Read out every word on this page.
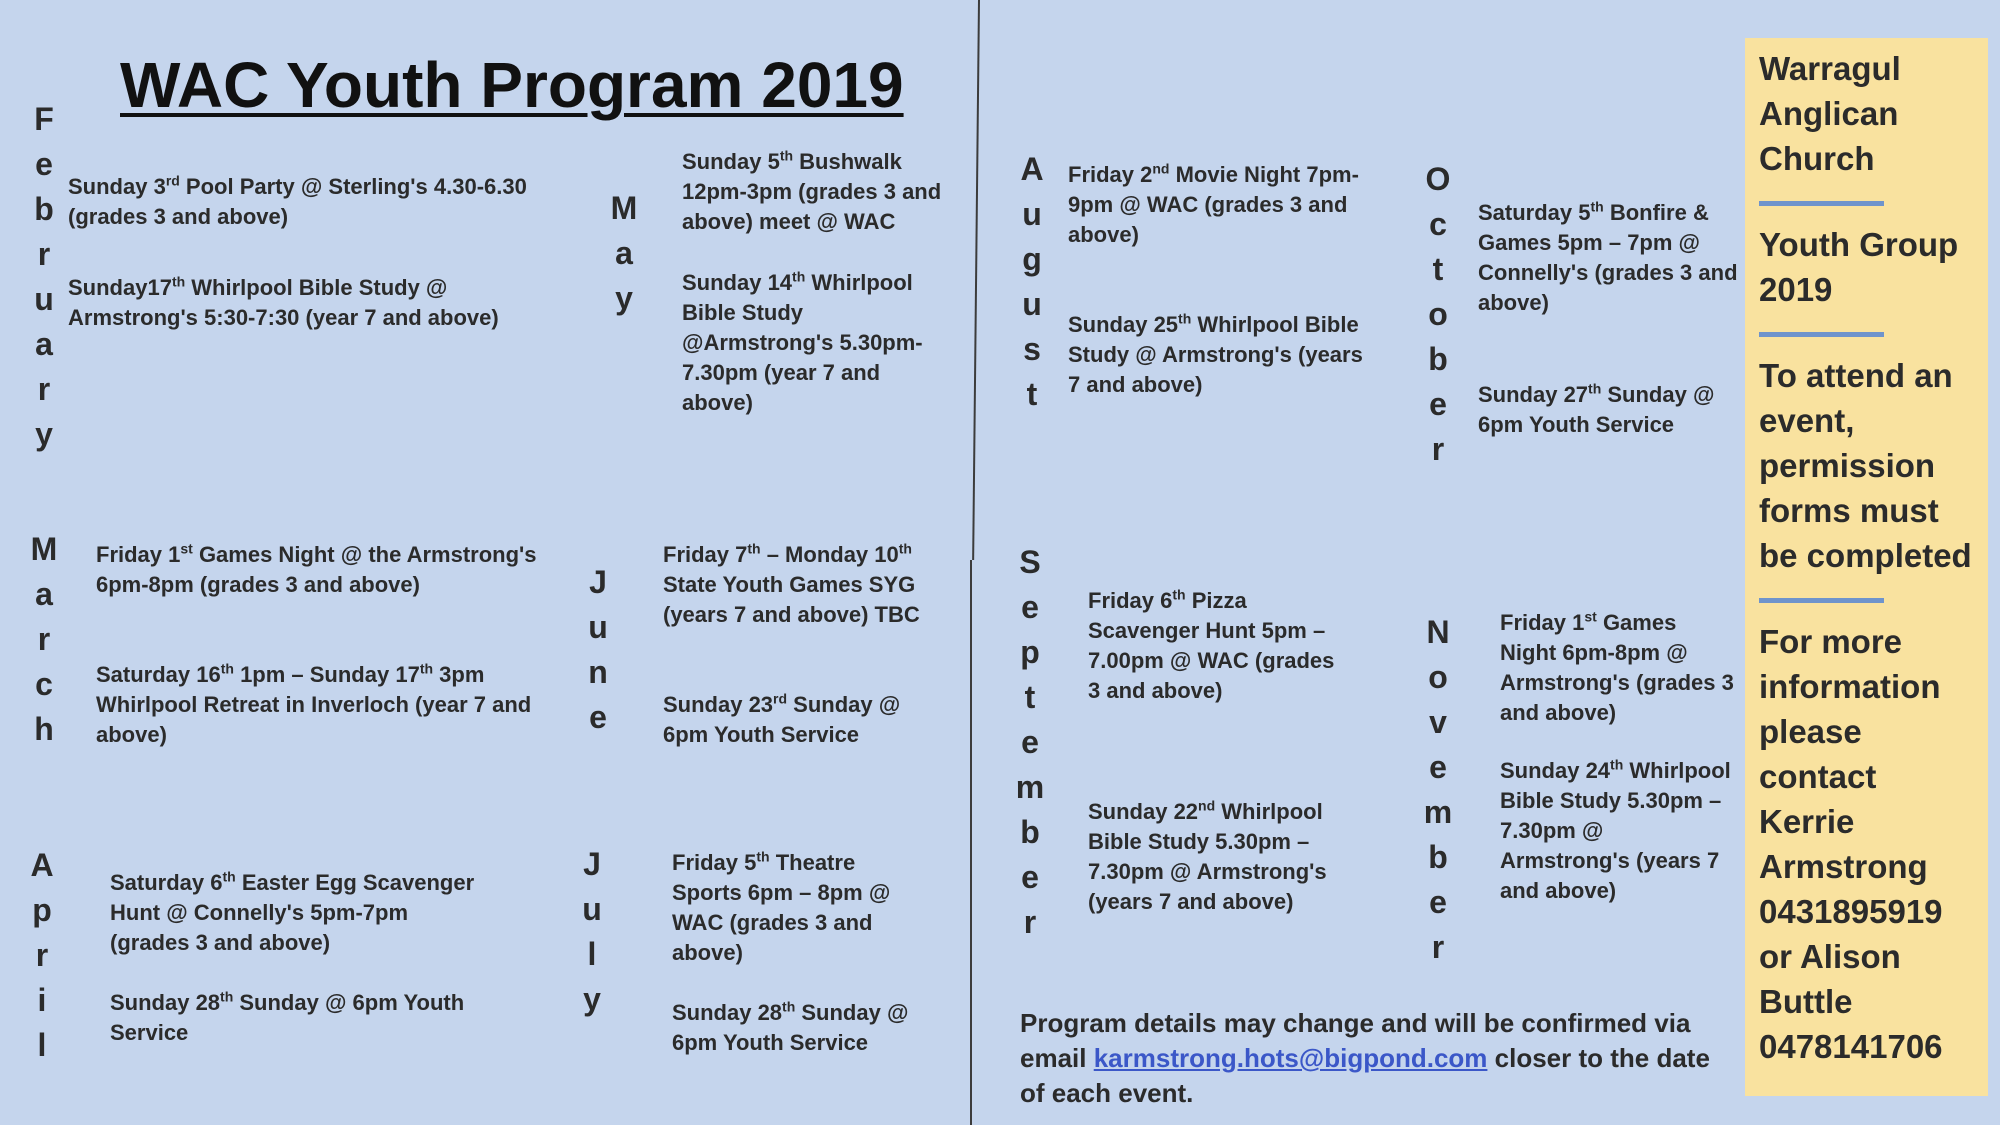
WAC Youth Program 2019
F
e
b
r
u
a
r
y
M
a
r
c
h
A
p
r
i
l
M
a
y
J
u
n
e
J
u
l
y
A
u
g
u
s
t
S
e
p
t
e
m
b
e
r
O
c
t
o
b
e
r
N
o
v
e
m
b
e
r

Sunday 3rd Pool Party @ Sterling's 4.30-6.30 (grades 3 and above)

Sunday17th Whirlpool Bible Study @ Armstrong's 5:30-7:30 (year 7 and above)

Friday 1st Games Night @ the Armstrong's 6pm-8pm (grades 3 and above)

Saturday 16th 1pm – Sunday 17th 3pm Whirlpool Retreat in Inverloch (year 7 and above)

Saturday 6th Easter Egg Scavenger Hunt @ Connelly's 5pm-7pm (grades 3 and above)

Sunday 28th Sunday @ 6pm Youth Service

Sunday 5th Bushwalk 12pm-3pm (grades 3 and above) meet @ WAC

Sunday 14th Whirlpool Bible Study @Armstrong's 5.30pm-7.30pm (year 7 and above)

Friday 7th – Monday 10th State Youth Games SYG (years 7 and above) TBC

Sunday 23rd Sunday @ 6pm Youth Service

Friday 5th Theatre Sports 6pm – 8pm @ WAC (grades 3 and above)

Sunday 28th Sunday @ 6pm Youth Service

Friday 2nd Movie Night 7pm-9pm @ WAC (grades 3 and above)

Sunday 25th Whirlpool Bible Study @ Armstrong's (years 7 and above)

Friday 6th Pizza Scavenger Hunt 5pm – 7.00pm @ WAC (grades 3 and above)

Sunday 22nd Whirlpool Bible Study 5.30pm – 7.30pm @ Armstrong's (years 7 and above)

Saturday 5th Bonfire & Games 5pm – 7pm @ Connelly's (grades 3 and above)

Sunday 27th Sunday @ 6pm Youth Service

Friday 1st Games Night 6pm-8pm @ Armstrong's (grades 3 and above)

Sunday 24th Whirlpool Bible Study 5.30pm – 7.30pm @ Armstrong's (years 7 and above)

Program details may change and will be confirmed via email karmstrong.hots@bigpond.com closer to the date of each event.

Warragul Anglican Church

Youth Group 2019

To attend an event, permission forms must be completed

For more information please contact Kerrie Armstrong 0431895919 or Alison Buttle 0478141706
